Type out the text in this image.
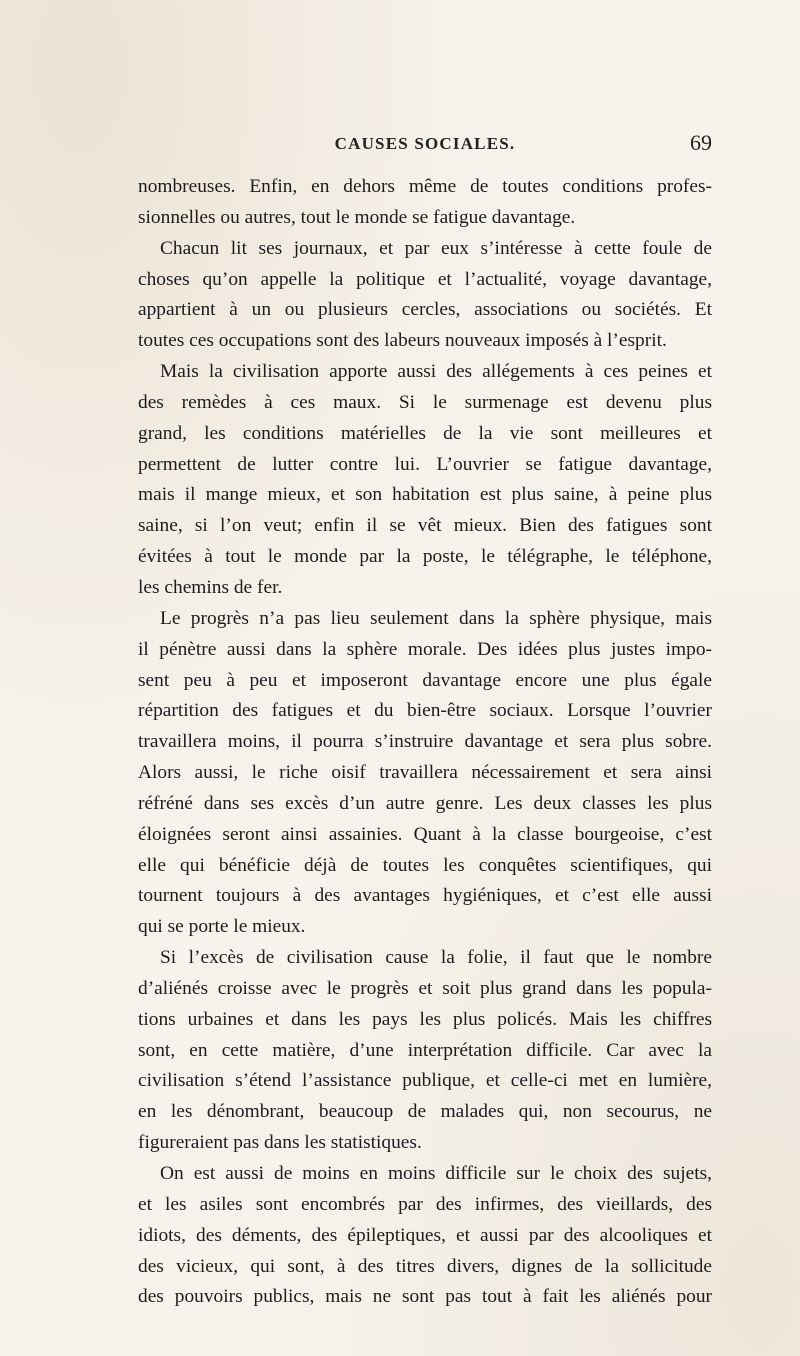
CAUSES SOCIALES.	69

nombreuses. Enfin, en dehors même de toutes conditions profes-
sionnelles ou autres, tout le monde se fatigue davantage.

Chacun lit ses journaux, et par eux s’intéresse à cette foule de
choses qu’on appelle la politique et l’actualité, voyage davantage,
appartient à un ou plusieurs cercles, associations ou sociétés. Et
toutes ces occupations sont des labeurs nouveaux imposés à l’esprit.

Mais la civilisation apporte aussi des allégements à ces peines et
des remèdes à ces maux. Si le surmenage est devenu plus
grand, les conditions matérielles de la vie sont meilleures et
permettent de lutter contre lui. L’ouvrier se fatigue davantage,
mais il mange mieux, et son habitation est plus saine, à peine plus
saine, si l’on veut; enfin il se vêt mieux. Bien des fatigues sont
évitées à tout le monde par la poste, le télégraphe, le téléphone,
les chemins de fer.

Le progrès n’a pas lieu seulement dans la sphère physique, mais
il pénètre aussi dans la sphère morale. Des idées plus justes impo-
sent peu à peu et imposeront davantage encore une plus égale
répartition des fatigues et du bien-être sociaux. Lorsque l’ouvrier
travaillera moins, il pourra s’instruire davantage et sera plus sobre.
Alors aussi, le riche oisif travaillera nécessairement et sera ainsi
réfréné dans ses excès d’un autre genre. Les deux classes les plus
éloignées seront ainsi assainies. Quant à la classe bourgeoise, c’est
elle qui bénéficie déjà de toutes les conquêtes scientifiques, qui
tournent toujours à des avantages hygiéniques, et c’est elle aussi
qui se porte le mieux.

Si l’excès de civilisation cause la folie, il faut que le nombre
d’aliénés croisse avec le progrès et soit plus grand dans les popula-
tions urbaines et dans les pays les plus policés. Mais les chiffres
sont, en cette matière, d’une interprétation difficile. Car avec la
civilisation s’étend l’assistance publique, et celle-ci met en lumière,
en les dénombrant, beaucoup de malades qui, non secourus, ne
figureraient pas dans les statistiques.

On est aussi de moins en moins difficile sur le choix des sujets,
et les asiles sont encombrés par des infirmes, des vieillards, des
idiots, des déments, des épileptiques, et aussi par des alcooliques et
des vicieux, qui sont, à des titres divers, dignes de la sollicitude
des pouvoirs publics, mais ne sont pas tout à fait les aliénés pour
